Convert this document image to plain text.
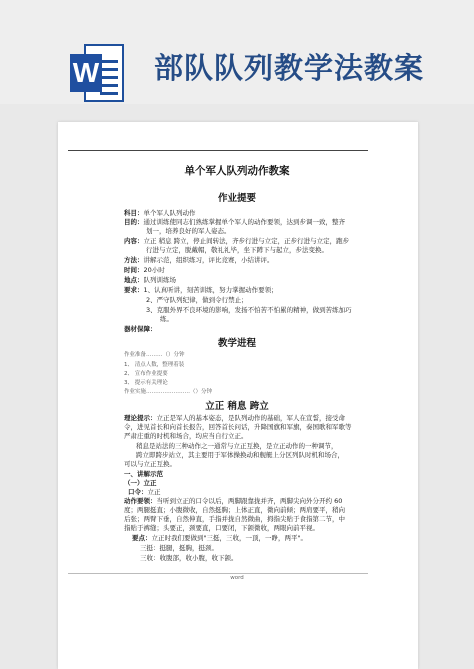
W 部队队列教学法教案
单个军人队列动作教案
作业提要
科目：单个军人队列动作
目的：通过训练使同志们熟练掌握单个军人的动作要领，达到步调一致，整齐
划一，培养良好的军人姿态。
内容：立正 稍息 跨立，停止间转法，齐步行进与立定，正步行进与立定，跑步
行进与立定，脱戴帽，敬礼礼毕，坐下蹲下与起立，步法变换。
方法：讲解示范，组织练习，评比竞赛，小结讲评。
时间：20小时
地点：队列训练场
要求：1、认真听讲，刻苦训练，努力掌握动作要领；
2、严守队列纪律，做到令行禁止；
3、克服外界不良环境的影响，发扬不怕苦不怕累的精神，做到苦练加巧
练。
器材保障：
教学进程
作业准备………（）分钟
1、 清点人数，整理着装
2、 宣布作业提要
3、 提示有关理论
作业实施……………………（）分钟
立正 稍息 跨立
理论提示：立正是军人的基本姿态，是队列动作的基础，军人在宣誓，接受命
令，进见首长和向首长报告，回答首长问话，升降国旗和军旗，奏国歌和军歌等
严肃庄重的时机和场合，均应当自行立正。
稍息是站法的三种动作之一通常与立正互换，是立正动作的一种调节，
跨立即跨步站立，其主要用于军体操换动和舰艇上分区列队时机和场合，
可以与立正互换。
一、讲解示范
（一）立正
口令：立正
动作要领：当听到立正的口令以后，两脚跟靠拢并齐，两脚尖向外分开约 60
度；两腿挺直；小腹微收，自然挺胸；上体正直，微向前倾；两肩要平，稍向
后张；两臂下垂，自然伸直，手指并拢自然微曲，拇指尖贴于食指第二节，中
指贴于裤缝；头要正，颈要直，口要闭，下颌微收，两眼向前平视。
要点：立正时我们要做到"三挺，三收，一顶，一睁，两平"。
三挺：挺腿，挺胸，挺颈。
三收：收腹部，收小腹，收下颌。
word
